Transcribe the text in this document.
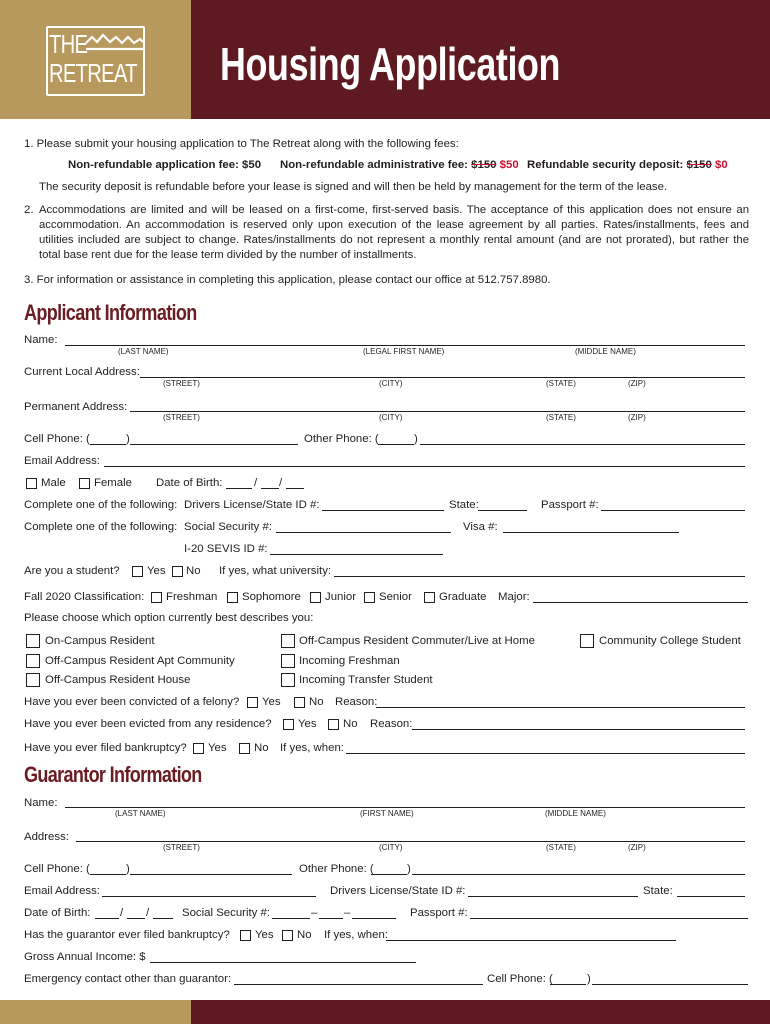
THE RETREAT Housing Application
1. Please submit your housing application to The Retreat along with the following fees:
Non-refundable application fee: $50 Non-refundable administrative fee: $150 $50 Refundable security deposit: $150 $0
The security deposit is refundable before your lease is signed and will then be held by management for the term of the lease.
2. Accommodations are limited and will be leased on a first-come, first-served basis. The acceptance of this application does not ensure an accommodation. An accommodation is reserved only upon execution of the lease agreement by all parties. Rates/installments, fees and utilities included are subject to change. Rates/installments do not represent a monthly rental amount (and are not prorated), but rather the total base rent due for the lease term divided by the number of installments.
3. For information or assistance in completing this application, please contact our office at 512.757.8980.
Applicant Information
Name:
(LAST NAME)	(LEGAL FIRST NAME)	(MIDDLE NAME)
Current Local Address:
(STREET)	(CITY)	(STATE)	(ZIP)
Permanent Address:
(STREET)	(CITY)	(STATE)	(ZIP)
Cell Phone: (	)	Other Phone: (	)
Email Address:
Male Female Date of Birth:	/ /
Complete one of the following: Drivers License/State ID #:	State:	Passport #:
Complete one of the following: Social Security #:	Visa #:
I-20 SEVIS ID #:
Are you a student? Yes No If yes, what university:
Fall 2020 Classification: Freshman Sophomore Junior Senior Graduate Major:
Please choose which option currently best describes you:
On-Campus Resident
Off-Campus Resident Apt Community
Off-Campus Resident House
Off-Campus Resident Commuter/Live at Home
Incoming Freshman
Incoming Transfer Student
Community College Student
Have you ever been convicted of a felony? Yes No Reason:
Have you ever been evicted from any residence? Yes No Reason:
Have you ever filed bankruptcy? Yes No If yes, when:
Guarantor Information
Name:
(LAST NAME)	(FIRST NAME)	(MIDDLE NAME)
Address:
(STREET)	(CITY)	(STATE)	(ZIP)
Cell Phone: (	)	Other Phone: (	)
Email Address:	Drivers License/State ID #:	State:
Date of Birth:	/ /	Social Security #:	– –	Passport #:
Has the guarantor ever filed bankruptcy? Yes No If yes, when:
Gross Annual Income: $
Emergency contact other than guarantor:	Cell Phone: (	)
